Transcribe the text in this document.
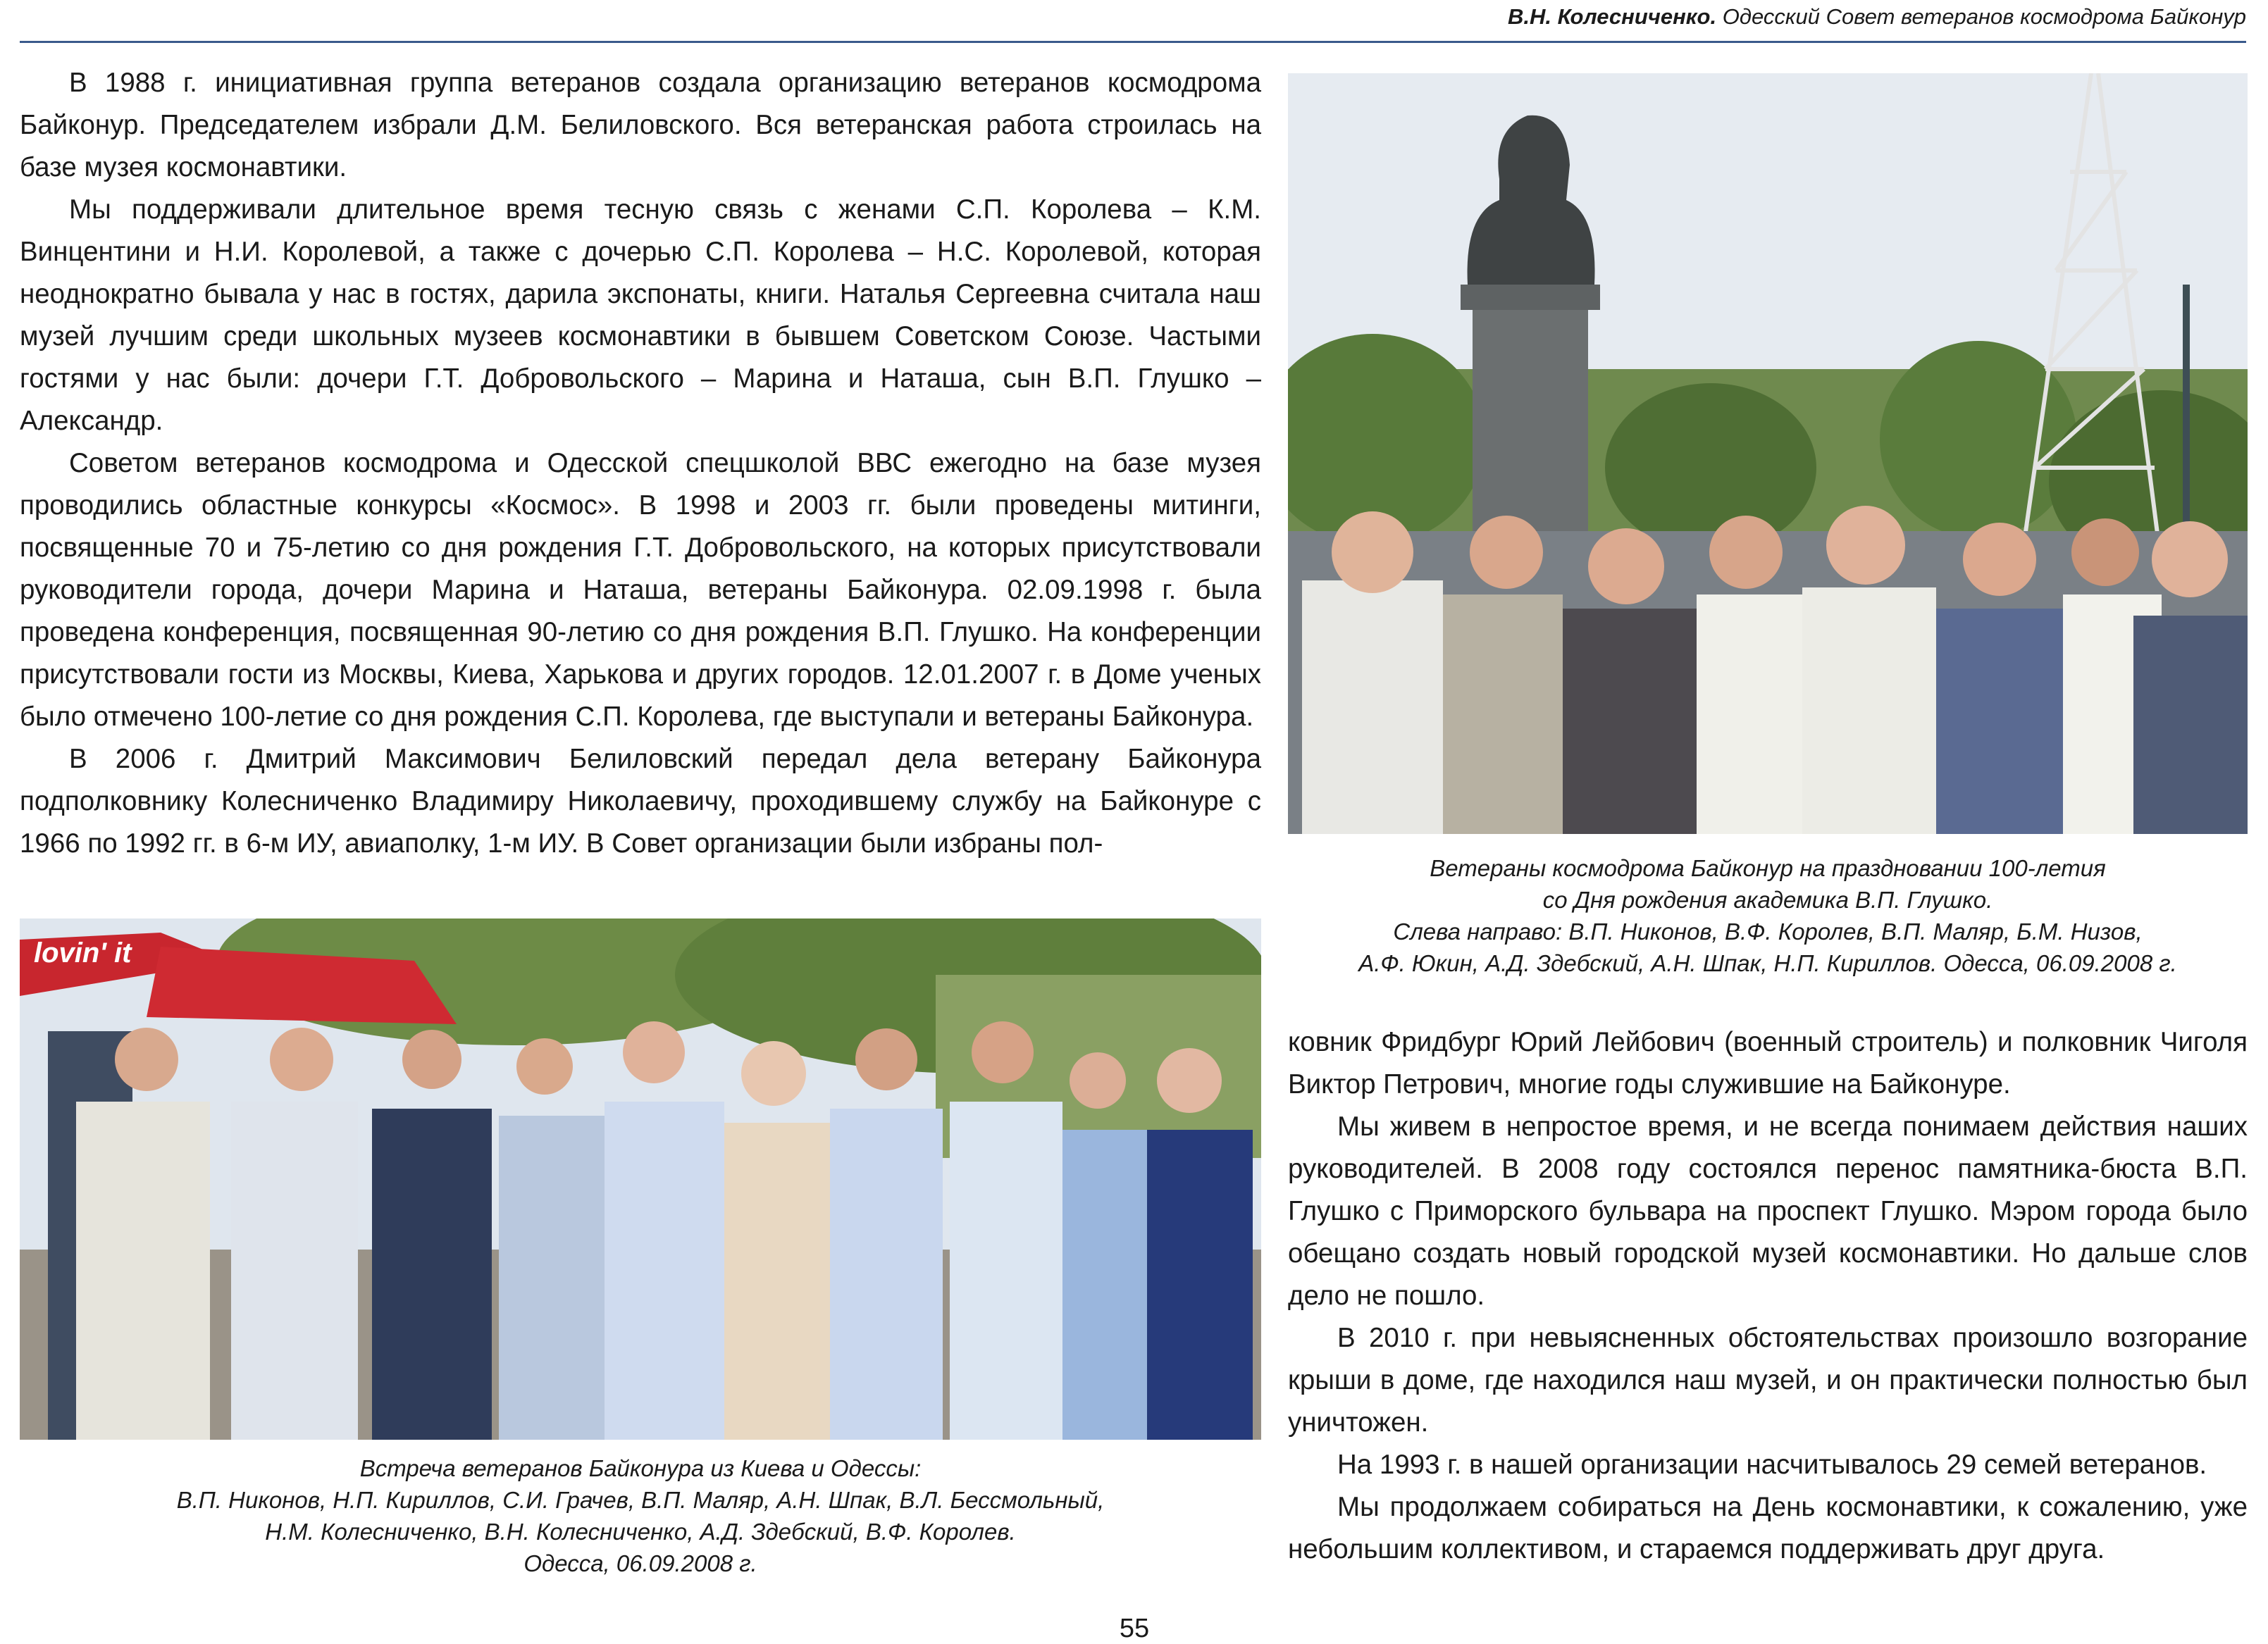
В.Н. Колесниченко. Одесский Совет ветеранов космодрома Байконур

В 1988 г. инициативная группа ветеранов создала организацию ветеранов космодрома Байконур. Председателем избрали Д.М. Белиловского. Вся ветеранская работа строилась на базе музея космонавтики.

Мы поддерживали длительное время тесную связь с женами С.П. Королева – К.М. Винцентини и Н.И. Королевой, а также с дочерью С.П. Королева – Н.С. Королевой, которая неоднократно бывала у нас в гостях, дарила экспонаты, книги. Наталья Сергеевна считала наш музей лучшим среди школьных музеев космонавтики в бывшем Советском Союзе. Частыми гостями у нас были: дочери Г.Т. Добровольского – Марина и Наташа, сын В.П. Глушко – Александр.

Советом ветеранов космодрома и Одесской спецшколой ВВС ежегодно на базе музея проводились областные конкурсы «Космос». В 1998 и 2003 гг. были проведены митинги, посвященные 70 и 75-летию со дня рождения Г.Т. Добровольского, на которых присутствовали руководители города, дочери Марина и Наташа, ветераны Байконура. 02.09.1998 г. была проведена конференция, посвященная 90-летию со дня рождения В.П. Глушко. На конференции присутствовали гости из Москвы, Киева, Харькова и других городов. 12.01.2007 г. в Доме ученых было отмечено 100-летие со дня рождения С.П. Королева, где выступали и ветераны Байконура.

В 2006 г. Дмитрий Максимович Белиловский передал дела ветерану Байконура подполковнику Колесниченко Владимиру Николаевичу, проходившему службу на Байконуре с 1966 по 1992 гг. в 6-м ИУ, авиаполку, 1-м ИУ. В Совет организации были избраны пол-

Ветераны космодрома Байконур на праздновании 100-летия
со Дня рождения академика В.П. Глушко.
Слева направо: В.П. Никонов, В.Ф. Королев, В.П. Маляр, Б.М. Низов,
А.Ф. Юкин, А.Д. Здебский, А.Н. Шпак, Н.П. Кириллов. Одесса, 06.09.2008 г.
lovin' it
Встреча ветеранов Байконура из Киева и Одессы:
В.П. Никонов, Н.П. Кириллов, С.И. Грачев, В.П. Маляр, А.Н. Шпак, В.Л. Бессмольный,
Н.М. Колесниченко, В.Н. Колесниченко, А.Д. Здебский, В.Ф. Королев.
Одесса, 06.09.2008 г.

ковник Фридбург Юрий Лейбович (военный строитель) и полковник Чиголя Виктор Петрович, многие годы служившие на Байконуре.

Мы живем в непростое время, и не всегда понимаем действия наших руководителей. В 2008 году состоялся перенос памятника-бюста В.П. Глушко с Приморского бульвара на проспект Глушко. Мэром города было обещано создать новый городской музей космонавтики. Но дальше слов дело не пошло.

В 2010 г. при невыясненных обстоятельствах произошло возгорание крыши в доме, где находился наш музей, и он практически полностью был уничтожен.

На 1993 г. в нашей организации насчитывалось 29 семей ветеранов.

Мы продолжаем собираться на День космонавтики, к сожалению, уже небольшим коллективом, и стараемся поддерживать друг друга.

55
